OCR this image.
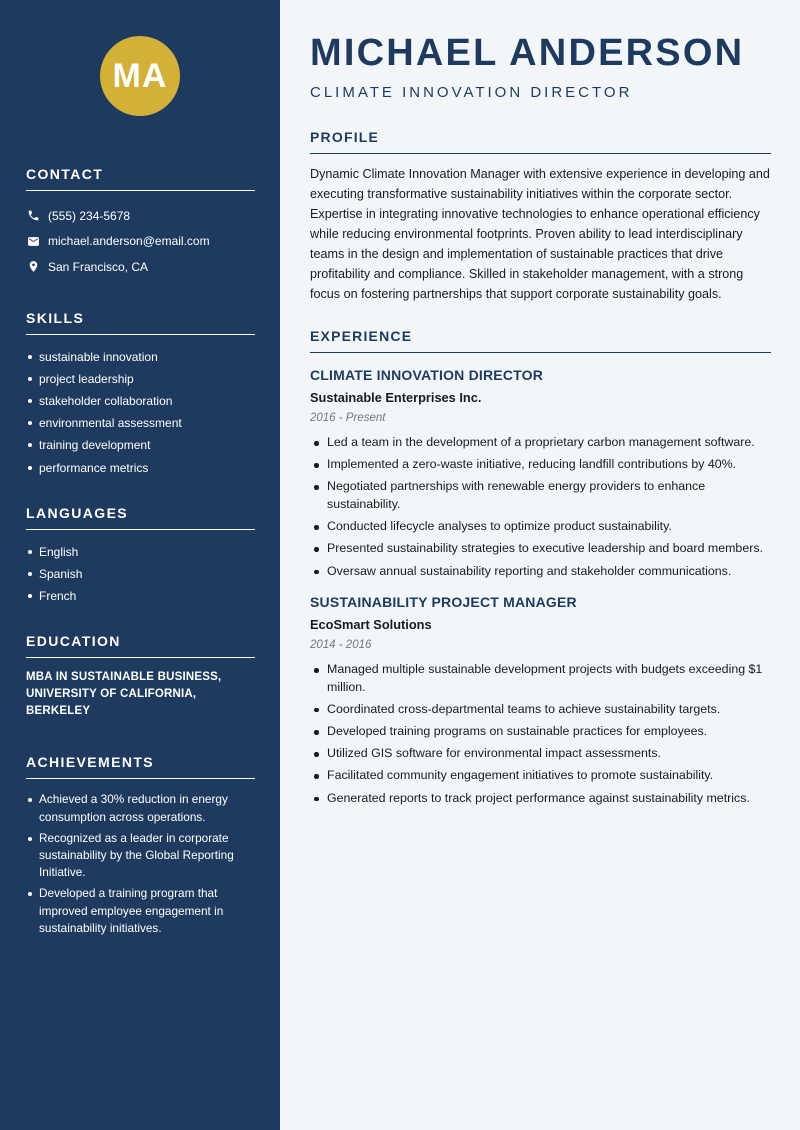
MA
CONTACT
(555) 234-5678
michael.anderson@email.com
San Francisco, CA
SKILLS
sustainable innovation
project leadership
stakeholder collaboration
environmental assessment
training development
performance metrics
LANGUAGES
English
Spanish
French
EDUCATION
MBA IN SUSTAINABLE BUSINESS,
UNIVERSITY OF CALIFORNIA, BERKELEY
ACHIEVEMENTS
Achieved a 30% reduction in energy consumption across operations.
Recognized as a leader in corporate sustainability by the Global Reporting Initiative.
Developed a training program that improved employee engagement in sustainability initiatives.
MICHAEL ANDERSON
CLIMATE INNOVATION DIRECTOR
PROFILE

Dynamic Climate Innovation Manager with extensive experience in developing and executing transformative sustainability initiatives within the corporate sector. Expertise in integrating innovative technologies to enhance operational efficiency while reducing environmental footprints. Proven ability to lead interdisciplinary teams in the design and implementation of sustainable practices that drive profitability and compliance. Skilled in stakeholder management, with a strong focus on fostering partnerships that support corporate sustainability goals.

EXPERIENCE
CLIMATE INNOVATION DIRECTOR
Sustainable Enterprises Inc.
2016 - Present
Led a team in the development of a proprietary carbon management software.
Implemented a zero-waste initiative, reducing landfill contributions by 40%.
Negotiated partnerships with renewable energy providers to enhance sustainability.
Conducted lifecycle analyses to optimize product sustainability.
Presented sustainability strategies to executive leadership and board members.
Oversaw annual sustainability reporting and stakeholder communications.
SUSTAINABILITY PROJECT MANAGER
EcoSmart Solutions
2014 - 2016
Managed multiple sustainable development projects with budgets exceeding $1 million.
Coordinated cross-departmental teams to achieve sustainability targets.
Developed training programs on sustainable practices for employees.
Utilized GIS software for environmental impact assessments.
Facilitated community engagement initiatives to promote sustainability.
Generated reports to track project performance against sustainability metrics.
